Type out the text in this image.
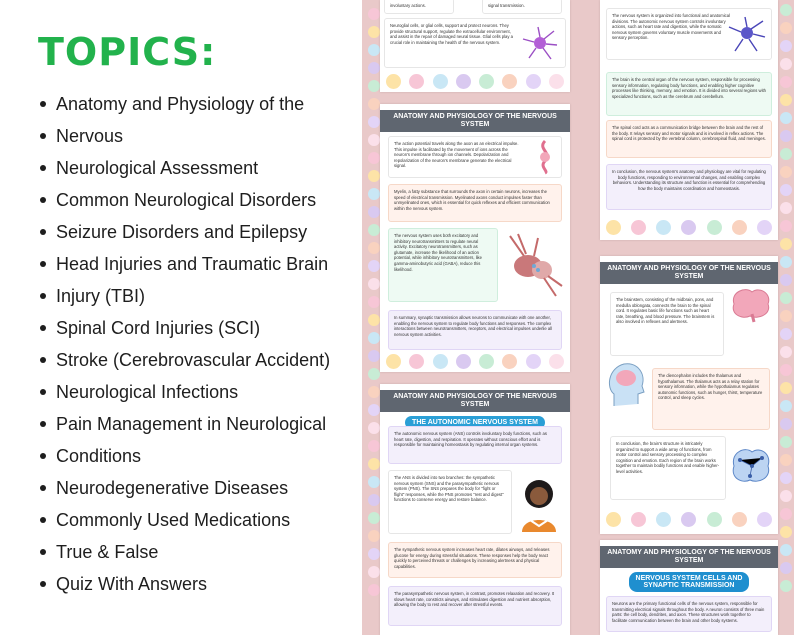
TOPICS:
Anatomy and Physiology of the
Nervous
Neurological Assessment
Common Neurological Disorders
Seizure Disorders and Epilepsy
Head Injuries and Traumatic Brain
Injury (TBI)
Spinal Cord Injuries (SCI)
Stroke (Cerebrovascular Accident)
Neurological Infections
Pain Management in Neurological
Conditions
Neurodegenerative Diseases
Commonly Used Medications
True & False
Quiz With Answers

involuntary actions.	signal transmission.

Neuroglial cells, or glial cells, support and protect neurons. They provide structural support, regulate the extracellular environment, and assist in the repair of damaged neural tissue. Glial cells play a crucial role in maintaining the health of the nervous system.

ANATOMY AND PHYSIOLOGY OF THE NERVOUS SYSTEM

The action potential travels along the axon as an electrical impulse. This impulse is facilitated by the movement of ions across the neuron's membrane through ion channels. Depolarization and repolarization of the neuron's membrane generate the electrical signal.

Myelin, a fatty substance that surrounds the axon in certain neurons, increases the speed of electrical transmission. Myelinated axons conduct impulses faster than unmyelinated ones, which is essential for quick reflexes and efficient communication within the nervous system.

The nervous system uses both excitatory and inhibitory neurotransmitters to regulate neural activity. Excitatory neurotransmitters, such as glutamate, increase the likelihood of an action potential, while inhibitory neurotransmitters, like gamma-aminobutyric acid (GABA), reduce this likelihood.

In summary, synaptic transmission allows neurons to communicate with one another, enabling the nervous system to regulate body functions and responses. The complex interactions between neurotransmitters, receptors, and electrical impulses underlie all nervous system activities.

ANATOMY AND PHYSIOLOGY OF THE NERVOUS SYSTEM
THE AUTONOMIC NERVOUS SYSTEM

The autonomic nervous system (ANS) controls involuntary body functions, such as heart rate, digestion, and respiration. It operates without conscious effort and is responsible for maintaining homeostasis by regulating internal organ systems.

The ANS is divided into two branches: the sympathetic nervous system (SNS) and the parasympathetic nervous system (PNS). The SNS prepares the body for "fight or flight" responses, while the PNS promotes "rest and digest" functions to conserve energy and restore balance.

The sympathetic nervous system increases heart rate, dilates airways, and releases glucose for energy during stressful situations. These responses help the body react quickly to perceived threats or challenges by increasing alertness and physical capabilities.

The parasympathetic nervous system, in contrast, promotes relaxation and recovery. It slows heart rate, constricts airways, and stimulates digestion and nutrient absorption, allowing the body to rest and recover after stressful events.

The nervous system is organized into functional and anatomical divisions. The autonomic nervous system controls involuntary actions, such as heart rate and digestion, while the somatic nervous system governs voluntary muscle movements and sensory perception.

The brain is the central organ of the nervous system, responsible for processing sensory information, regulating body functions, and enabling higher cognitive processes like thinking, memory, and emotion. It is divided into several regions with specialized functions, such as the cerebrum and cerebellum.

The spinal cord acts as a communication bridge between the brain and the rest of the body. It relays sensory and motor signals and is involved in reflex actions. The spinal cord is protected by the vertebral column, cerebrospinal fluid, and meninges.

In conclusion, the nervous system's anatomy and physiology are vital for regulating body functions, responding to environmental changes, and enabling complex behaviors. Understanding its structure and function is essential for comprehending how the body maintains coordination and homeostasis.

ANATOMY AND PHYSIOLOGY OF THE NERVOUS SYSTEM

The brainstem, consisting of the midbrain, pons, and medulla oblongata, connects the brain to the spinal cord. It regulates basic life functions such as heart rate, breathing, and blood pressure. The brainstem is also involved in reflexes and alertness.

The diencephalon includes the thalamus and hypothalamus. The thalamus acts as a relay station for sensory information, while the hypothalamus regulates autonomic functions, such as hunger, thirst, temperature control, and sleep cycles.

In conclusion, the brain's structure is intricately organized to support a wide array of functions, from motor control and sensory processing to complex cognition and emotion. Each region of the brain works together to maintain bodily functions and enable higher-level activities.

ANATOMY AND PHYSIOLOGY OF THE NERVOUS SYSTEM
NERVOUS SYSTEM CELLS AND SYNAPTIC TRANSMISSION

Neurons are the primary functional cells of the nervous system, responsible for transmitting electrical signals throughout the body. A neuron consists of three main parts: the cell body, dendrites, and axon. These structures work together to facilitate communication between the brain and other body systems.
